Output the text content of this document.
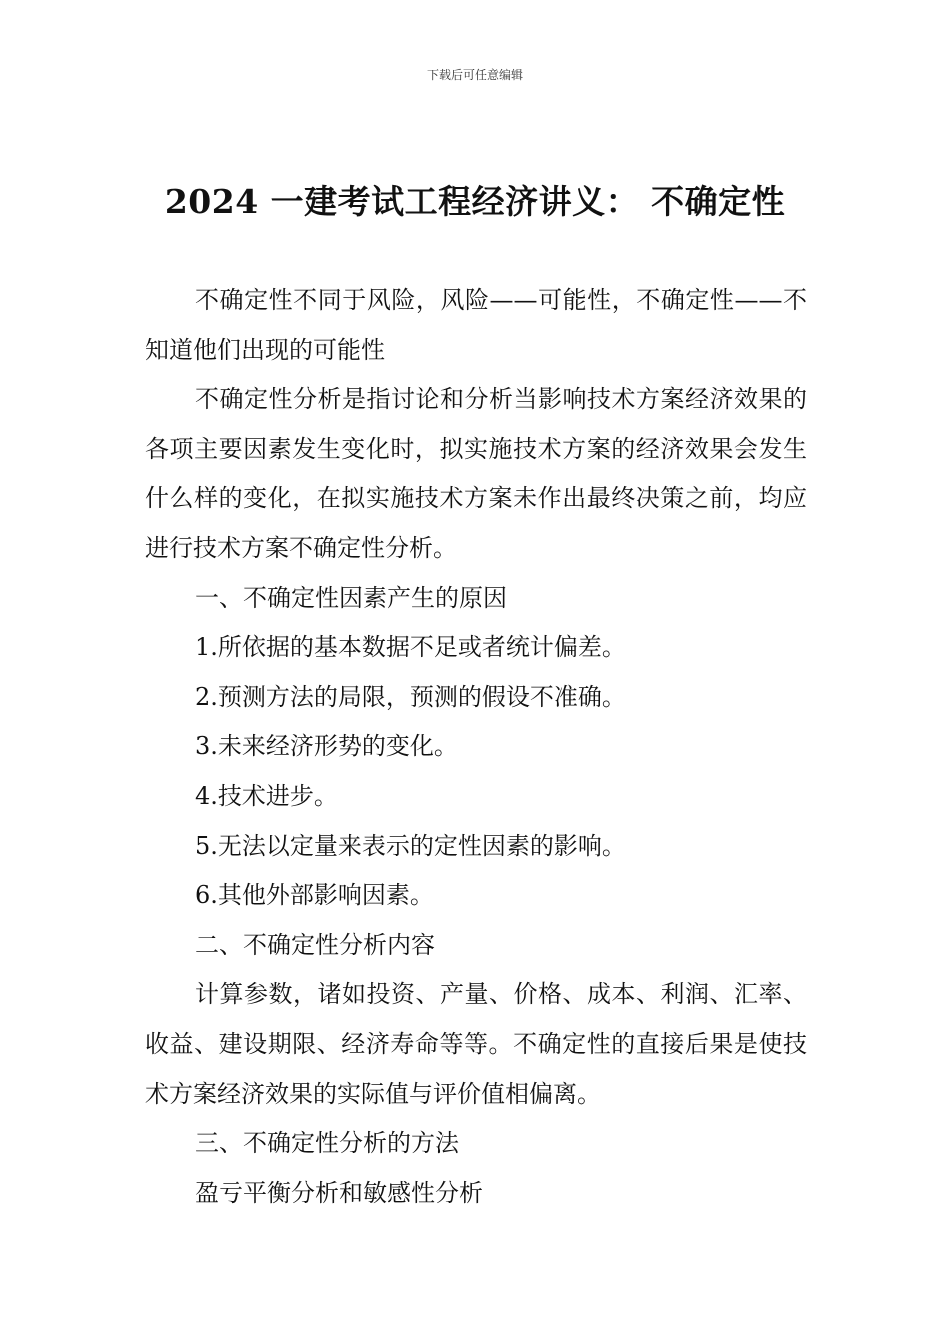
下载后可任意编辑
2024 一建考试工程经济讲义： 不确定性

不确定性不同于风险，风险——可能性，不确定性——不知道他们出现的可能性

不确定性分析是指讨论和分析当影响技术方案经济效果的各项主要因素发生变化时，拟实施技术方案的经济效果会发生什么样的变化，在拟实施技术方案未作出最终决策之前，均应进行技术方案不确定性分析。

一、不确定性因素产生的原因

1.所依据的基本数据不足或者统计偏差。

2.预测方法的局限，预测的假设不准确。

3.未来经济形势的变化。

4.技术进步。

5.无法以定量来表示的定性因素的影响。

6.其他外部影响因素。

二、不确定性分析内容

计算参数，诸如投资、产量、价格、成本、利润、汇率、收益、建设期限、经济寿命等等。不确定性的直接后果是使技术方案经济效果的实际值与评价值相偏离。

三、不确定性分析的方法

盈亏平衡分析和敏感性分析
